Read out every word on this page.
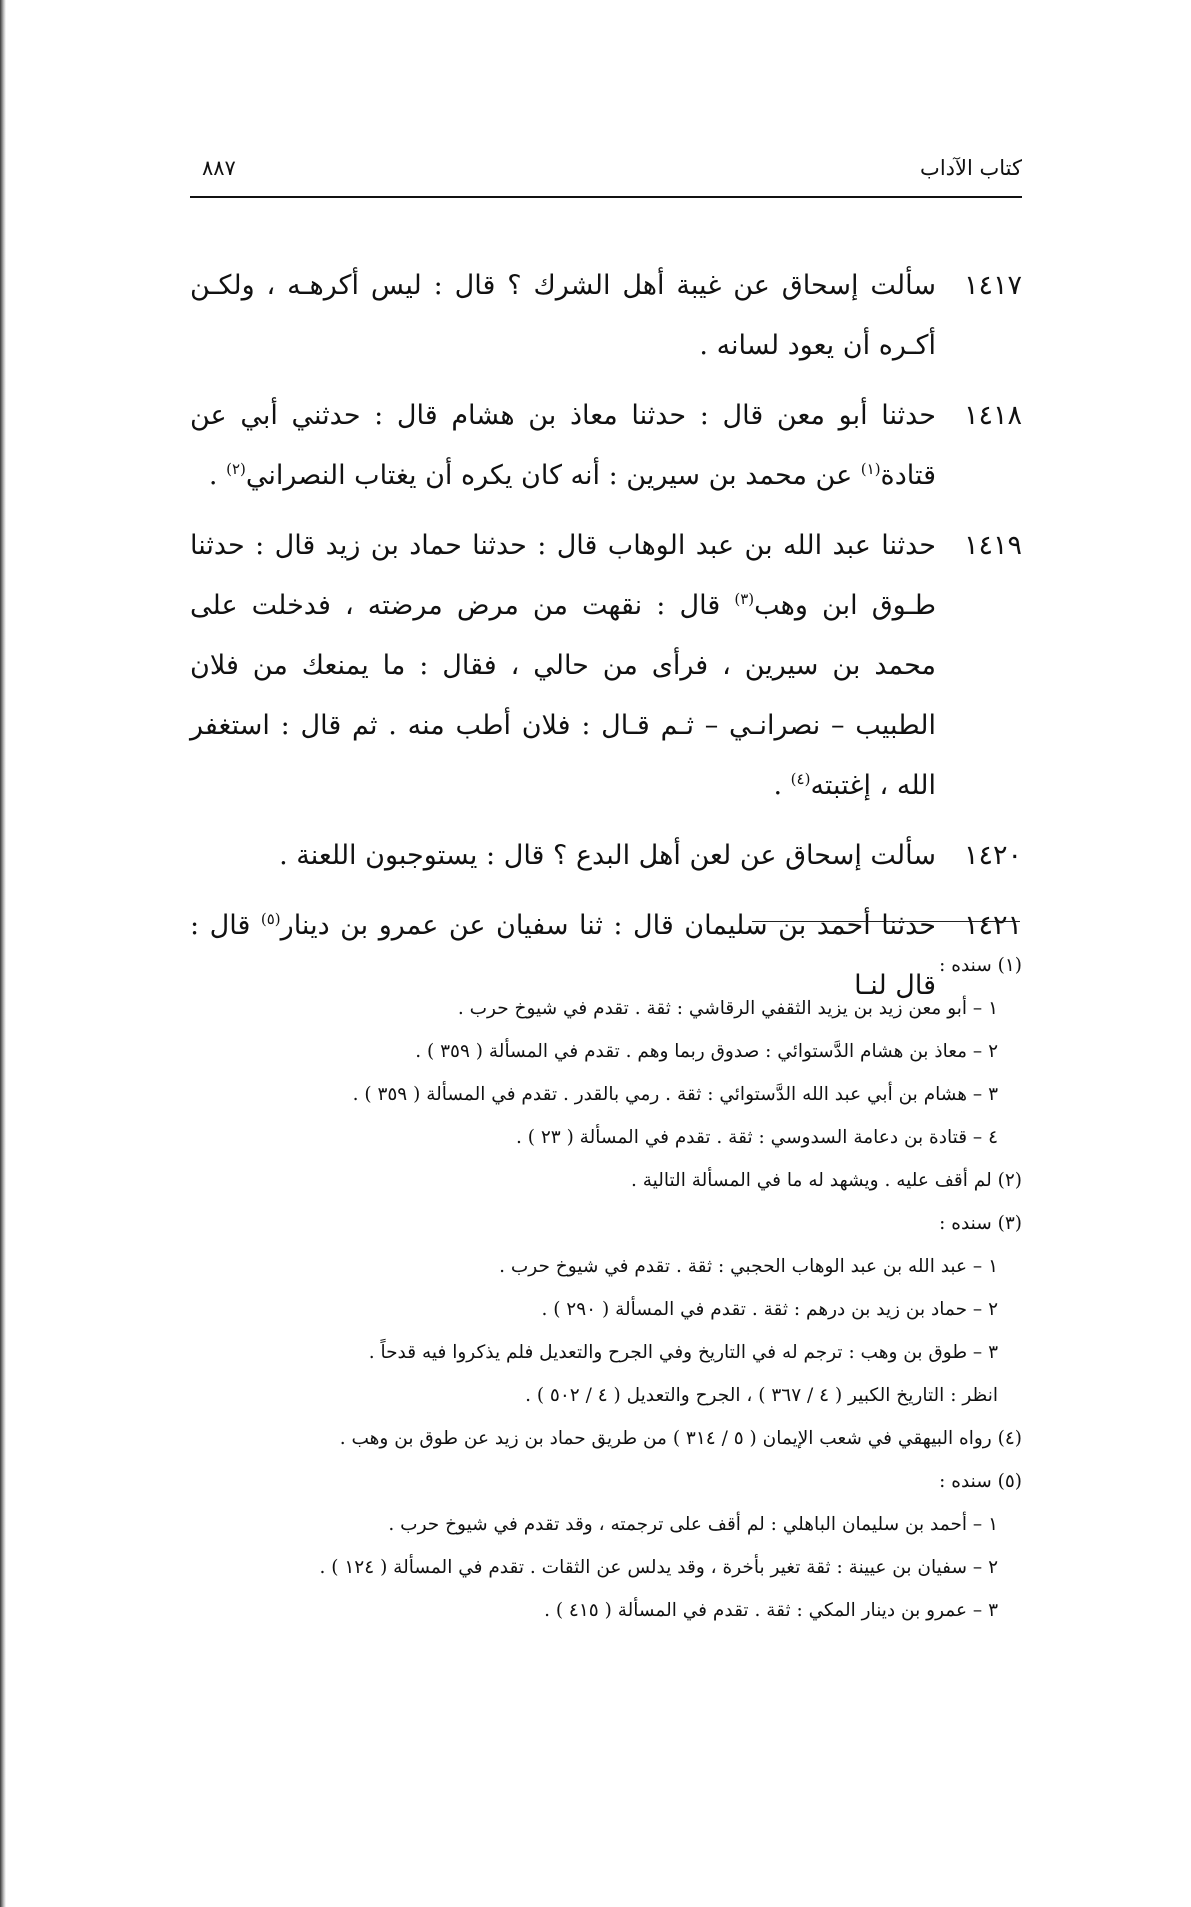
كتاب الآداب
٨٨٧
١٤١٧
سألت إسحاق عن غيبة أهل الشرك ؟ قال : ليس أكرهـه ، ولكـن أكـره أن يعود لسانه .
١٤١٨
حدثنا أبو معن قال : حدثنا معاذ بن هشام قال : حدثني أبي عن قتادة$^{(١)}$ عن محمد بن سيرين : أنه كان يكره أن يغتاب النصراني$^{(٢)}$ .
١٤١٩
حدثنا عبد الله بن عبد الوهاب قال : حدثنا حماد بن زيد قال : حدثنا طـوق ابن وهب$^{(٣)}$ قال : نقهت من مرض مرضته ، فدخلت على محمد بن سيرين ، فرأى من حالي ، فقال : ما يمنعك من فلان الطبيب – نصرانـي – ثـم قـال : فلان أطب منه . ثم قال : استغفر الله ، إغتبته$^{(٤)}$ .
١٤٢٠
سألت إسحاق عن لعن أهل البدع ؟ قال : يستوجبون اللعنة .
١٤٢١
حدثنا أحمد بن سليمان قال : ثنا سفيان عن عمرو بن دينار$^{(٥)}$ قال : قال لنـا
(١) سنده :
١ – أبو معن زيد بن يزيد الثقفي الرقاشي : ثقة . تقدم في شيوخ حرب .
٢ – معاذ بن هشام الدَّستوائي : صدوق ربما وهم . تقدم في المسألة ( ٣٥٩ ) .
٣ – هشام بن أبي عبد الله الدَّستوائي : ثقة . رمي بالقدر . تقدم في المسألة ( ٣٥٩ ) .
٤ – قتادة بن دعامة السدوسي : ثقة . تقدم في المسألة ( ٢٣ ) .
(٢) لم أقف عليه . ويشهد له ما في المسألة التالية .
(٣) سنده :
١ – عبد الله بن عبد الوهاب الحجبي : ثقة . تقدم في شيوخ حرب .
٢ – حماد بن زيد بن درهم : ثقة . تقدم في المسألة ( ٢٩٠ ) .
٣ – طوق بن وهب : ترجم له في التاريخ وفي الجرح والتعديل فلم يذكروا فيه قدحاً .
انظر : التاريخ الكبير ( ٤ / ٣٦٧ ) ، الجرح والتعديل ( ٤ / ٥٠٢ ) .
(٤) رواه البيهقي في شعب الإيمان ( ٥ / ٣١٤ ) من طريق حماد بن زيد عن طوق بن وهب .
(٥) سنده :
١ – أحمد بن سليمان الباهلي : لم أقف على ترجمته ، وقد تقدم في شيوخ حرب .
٢ – سفيان بن عيينة : ثقة تغير بأخرة ، وقد يدلس عن الثقات . تقدم في المسألة ( ١٢٤ ) .
٣ – عمرو بن دينار المكي : ثقة . تقدم في المسألة ( ٤١٥ ) .
